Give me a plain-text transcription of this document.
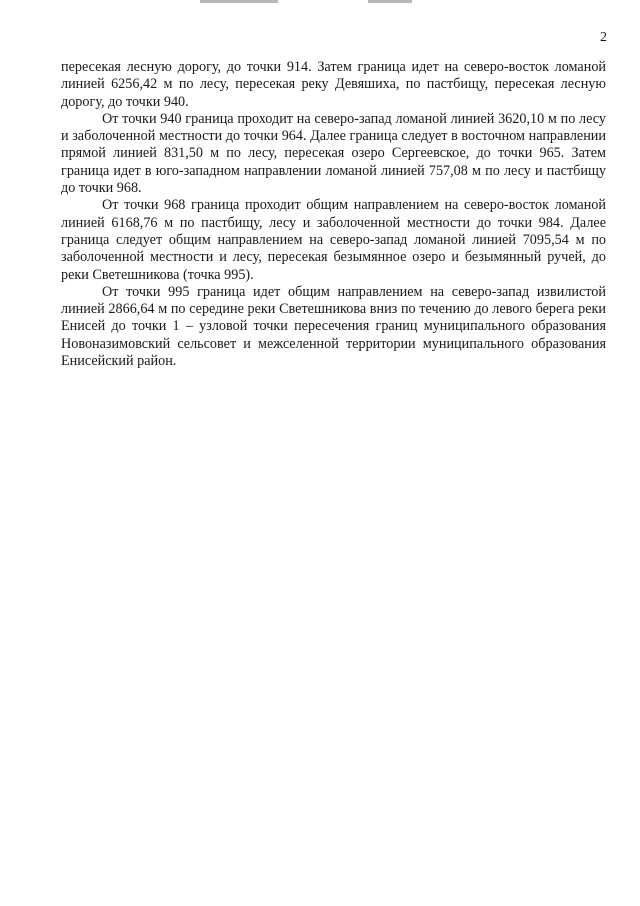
2

пересекая лесную дорогу, до точки 914. Затем граница идет на северо-восток ломаной линией 6256,42 м по лесу, пересекая реку Девяшиха, по пастбищу, пересекая лесную дорогу, до точки 940.

От точки 940 граница проходит на северо-запад ломаной линией 3620,10 м по лесу и заболоченной местности до точки 964. Далее граница следует в восточном направлении прямой линией 831,50 м по лесу, пересекая озеро Сергеевское, до точки 965. Затем граница идет в юго-западном направлении ломаной линией 757,08 м по лесу и пастбищу до точки 968.

От точки 968 граница проходит общим направлением на северо-восток ломаной линией 6168,76 м по пастбищу, лесу и заболоченной местности до точки 984. Далее граница следует общим направлением на северо-запад ломаной линией 7095,54 м по заболоченной местности и лесу, пересекая безымянное озеро и безымянный ручей, до реки Светешникова (точка 995).

От точки 995 граница идет общим направлением на северо-запад извилистой линией 2866,64 м по середине реки Светешникова вниз по течению до левого берега реки Енисей до точки 1 – узловой точки пересечения границ муниципального образования Новоназимовский сельсовет и межселенной территории муниципального образования Енисейский район.
